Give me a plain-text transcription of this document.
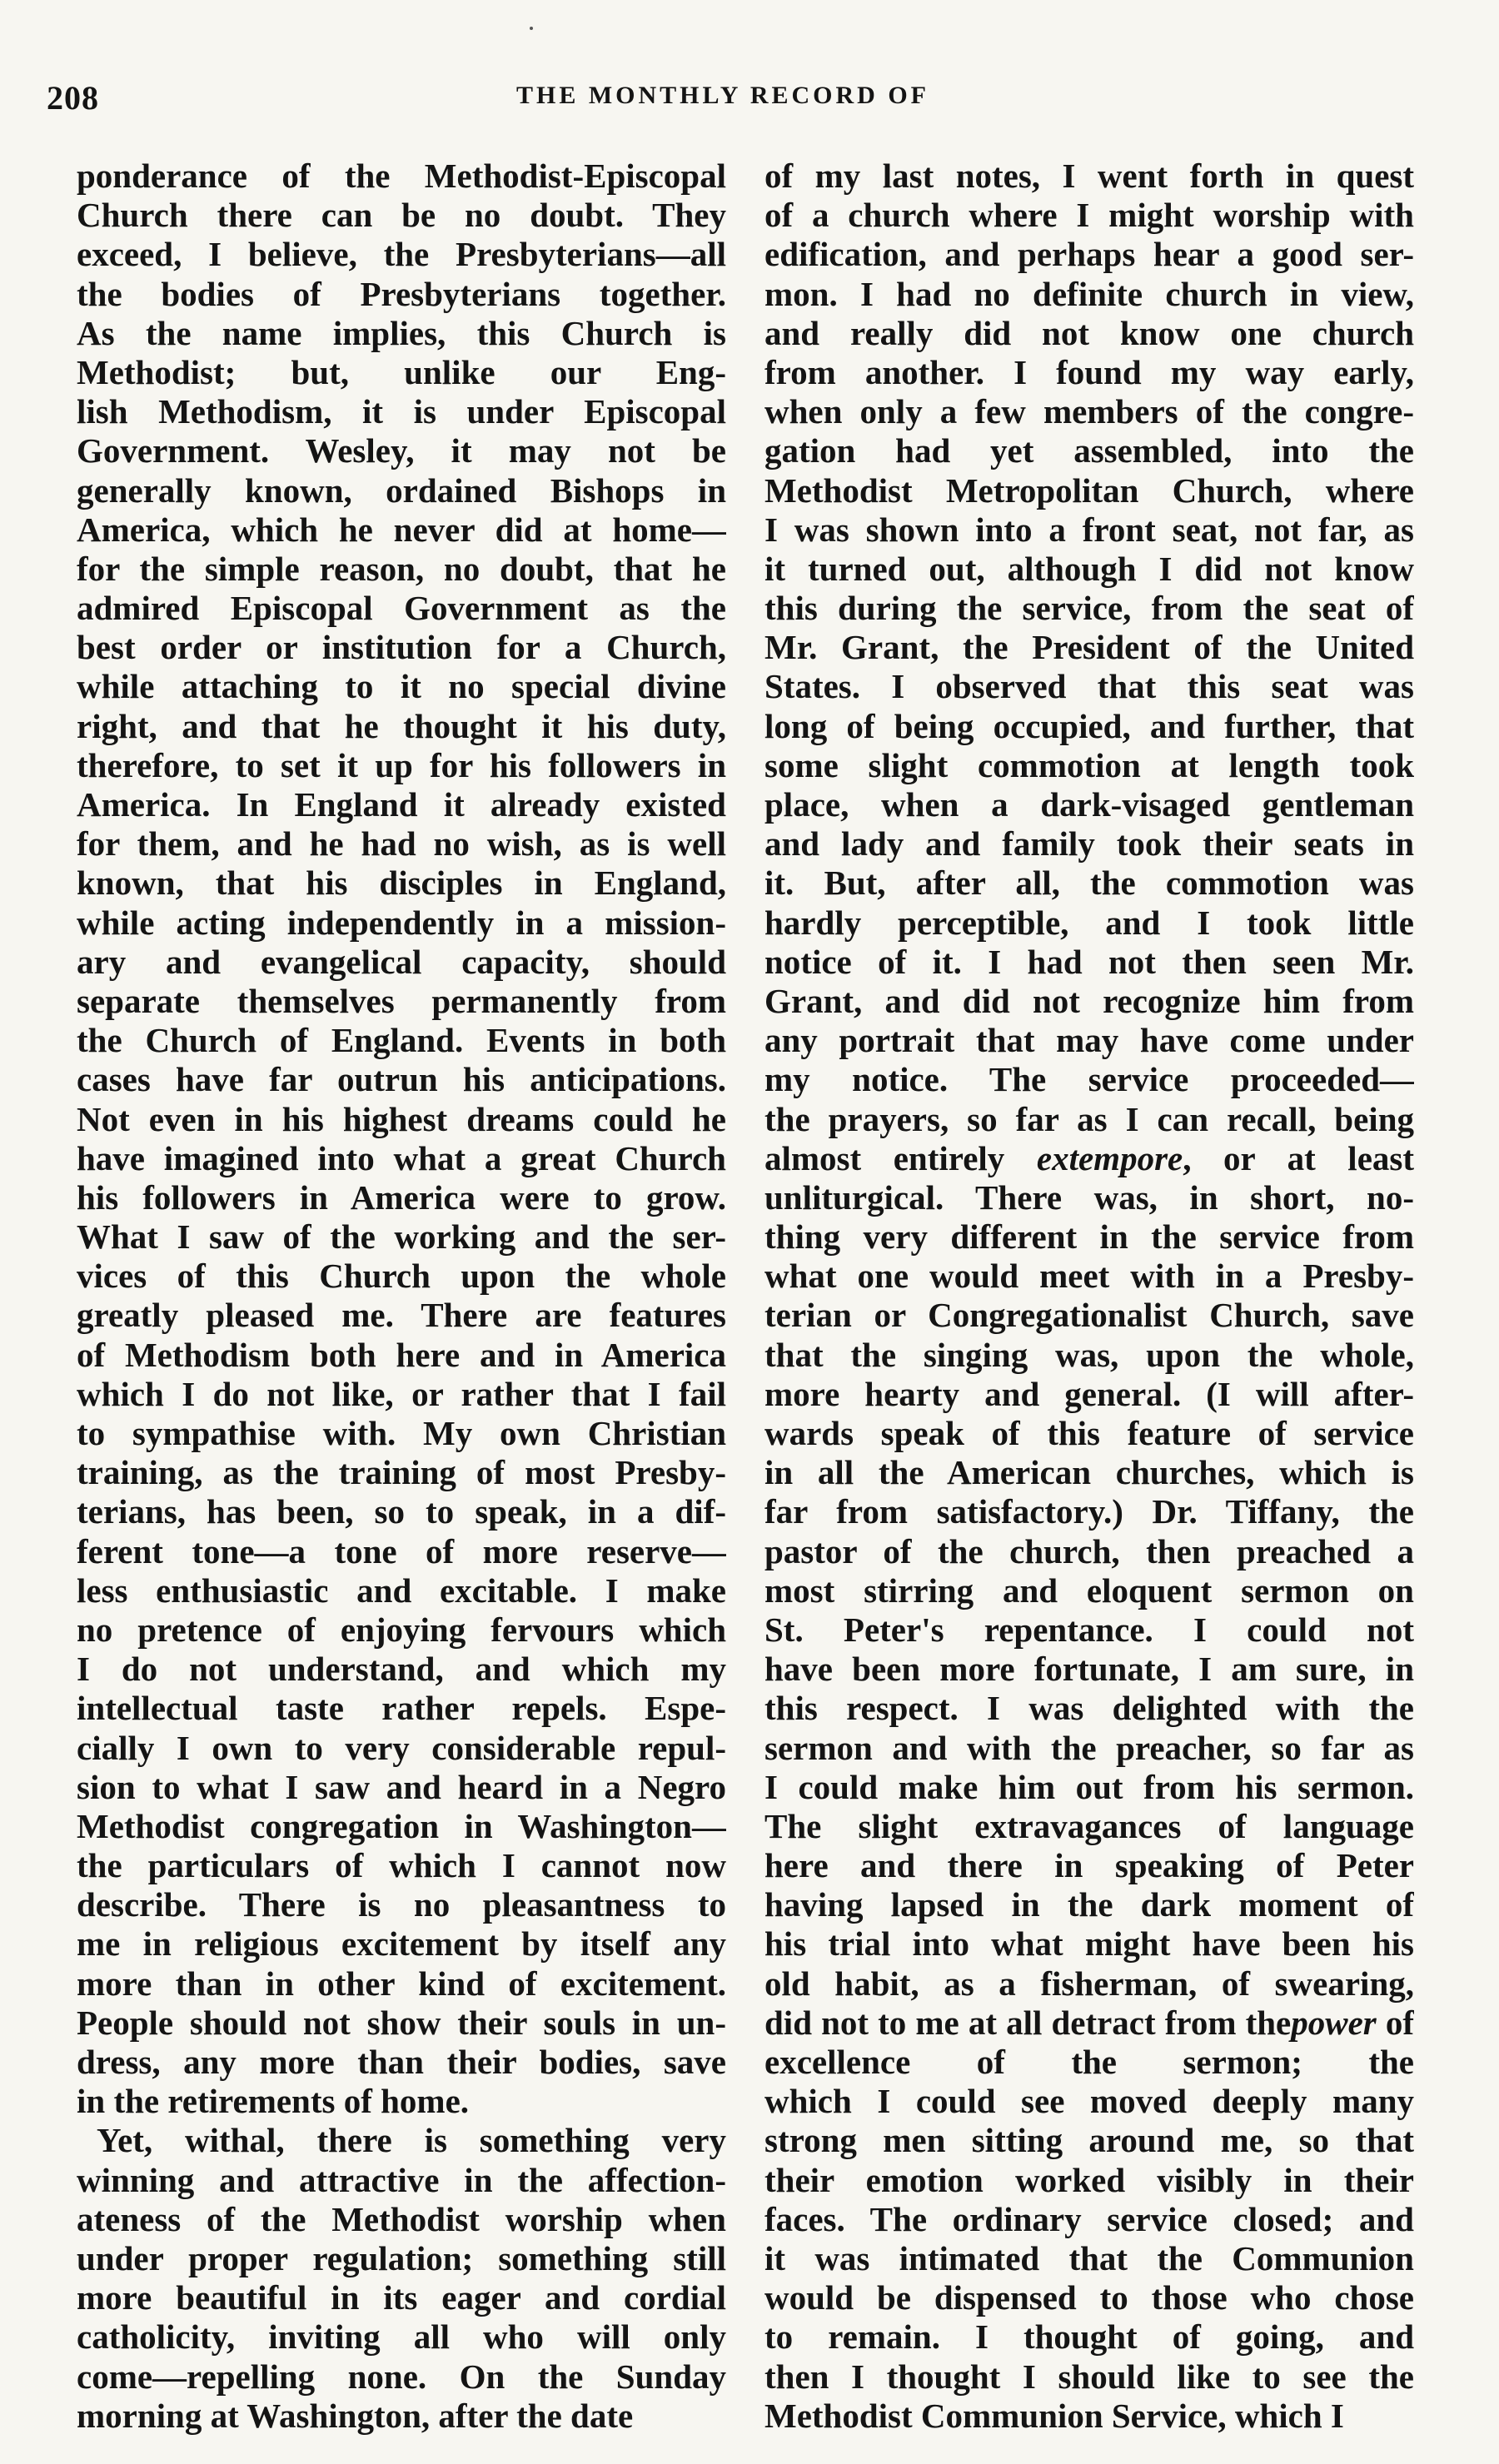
208	THE MONTHLY RECORD OF
ponderance of the Methodist-Episcopal
Church there can be no doubt. They
exceed, I believe, the Presbyterians—all
the bodies of Presbyterians together.
As the name implies, this Church is
Methodist; but, unlike our Eng-
lish Methodism, it is under Episcopal
Government. Wesley, it may not be
generally known, ordained Bishops in
America, which he never did at home—
for the simple reason, no doubt, that he
admired Episcopal Government as the
best order or institution for a Church,
while attaching to it no special divine
right, and that he thought it his duty,
therefore, to set it up for his followers in
America. In England it already existed
for them, and he had no wish, as is well
known, that his disciples in England,
while acting independently in a mission-
ary and evangelical capacity, should
separate themselves permanently from
the Church of England. Events in both
cases have far outrun his anticipations.
Not even in his highest dreams could he
have imagined into what a great Church
his followers in America were to grow.
What I saw of the working and the ser-
vices of this Church upon the whole
greatly pleased me. There are features
of Methodism both here and in America
which I do not like, or rather that I fail
to sympathise with. My own Christian
training, as the training of most Presby-
terians, has been, so to speak, in a dif-
ferent tone—a tone of more reserve—
less enthusiastic and excitable. I make
no pretence of enjoying fervours which
I do not understand, and which my
intellectual taste rather repels. Espe-
cially I own to very considerable repul-
sion to what I saw and heard in a Negro
Methodist congregation in Washington—
the particulars of which I cannot now
describe. There is no pleasantness to
me in religious excitement by itself any
more than in other kind of excitement.
People should not show their souls in un-
dress, any more than their bodies, save
in the retirements of home.
Yet, withal, there is something very
winning and attractive in the affection-
ateness of the Methodist worship when
under proper regulation; something still
more beautiful in its eager and cordial
catholicity, inviting all who will only
come—repelling none. On the Sunday
morning at Washington, after the date
of my last notes, I went forth in quest
of a church where I might worship with
edification, and perhaps hear a good ser-
mon. I had no definite church in view,
and really did not know one church
from another. I found my way early,
when only a few members of the congre-
gation had yet assembled, into the
Methodist Metropolitan Church, where
I was shown into a front seat, not far, as
it turned out, although I did not know
this during the service, from the seat of
Mr. Grant, the President of the United
States. I observed that this seat was
long of being occupied, and further, that
some slight commotion at length took
place, when a dark-visaged gentleman
and lady and family took their seats in
it. But, after all, the commotion was
hardly perceptible, and I took little
notice of it. I had not then seen Mr.
Grant, and did not recognize him from
any portrait that may have come under
my notice. The service proceeded—
the prayers, so far as I can recall, being
almost entirely extempore, or at least
unliturgical. There was, in short, no-
thing very different in the service from
what one would meet with in a Presby-
terian or Congregationalist Church, save
that the singing was, upon the whole,
more hearty and general. (I will after-
wards speak of this feature of service
in all the American churches, which is
far from satisfactory.) Dr. Tiffany, the
pastor of the church, then preached a
most stirring and eloquent sermon on
St. Peter's repentance. I could not
have been more fortunate, I am sure, in
this respect. I was delighted with the
sermon and with the preacher, so far as
I could make him out from his sermon.
The slight extravagances of language
here and there in speaking of Peter
having lapsed in the dark moment of
his trial into what might have been his
old habit, as a fisherman, of swearing,
did not to me at all detract from thepower of
excellence of the sermon; the
which I could see moved deeply many
strong men sitting around me, so that
their emotion worked visibly in their
faces. The ordinary service closed; and
it was intimated that the Communion
would be dispensed to those who chose
to remain. I thought of going, and
then I thought I should like to see the
Methodist Communion Service, which I
